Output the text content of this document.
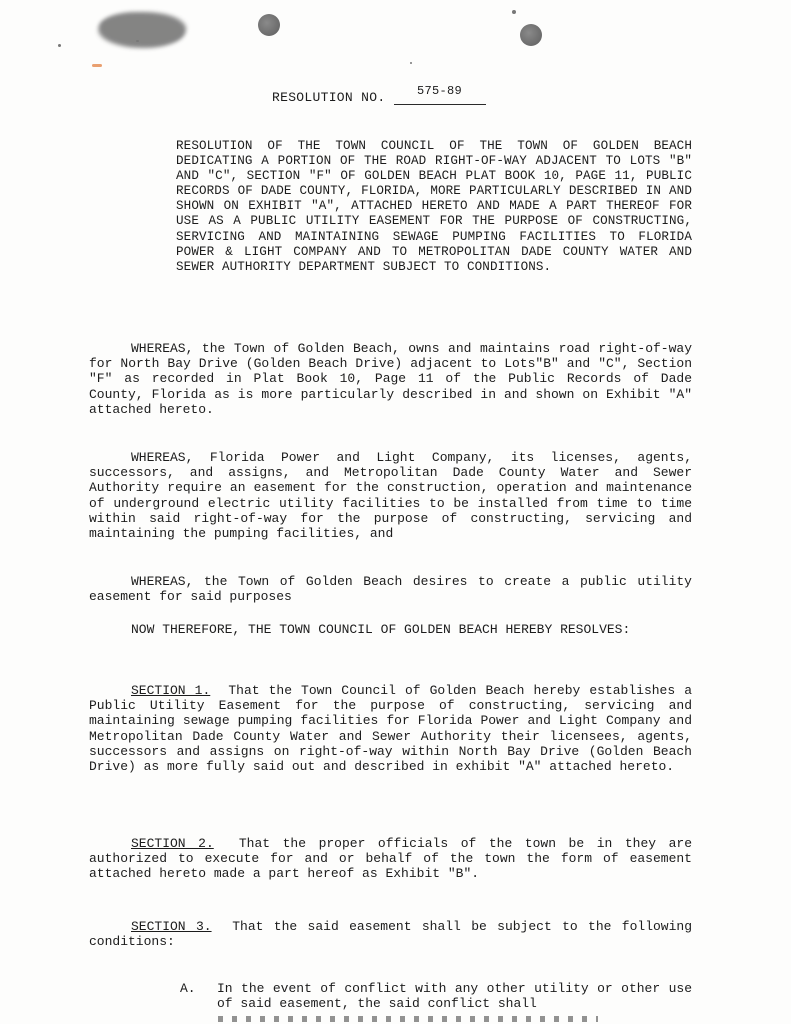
RESOLUTION NO.	575-89
RESOLUTION OF THE TOWN COUNCIL OF THE TOWN OF GOLDEN BEACH DEDICATING A PORTION OF THE ROAD RIGHT-OF-WAY ADJACENT TO LOTS "B" AND "C", SECTION "F" OF GOLDEN BEACH PLAT BOOK 10, PAGE 11, PUBLIC RECORDS OF DADE COUNTY, FLORIDA, MORE PARTICULARLY DESCRIBED IN AND SHOWN ON EXHIBIT "A", ATTACHED HERETO AND MADE A PART THEREOF FOR USE AS A PUBLIC UTILITY EASEMENT FOR THE PURPOSE OF CONSTRUCTING, SERVICING AND MAINTAINING SEWAGE PUMPING FACILITIES TO FLORIDA POWER & LIGHT COMPANY AND TO METROPOLITAN DADE COUNTY WATER AND SEWER AUTHORITY DEPARTMENT SUBJECT TO CONDITIONS.
WHEREAS, the Town of Golden Beach, owns and maintains road right-of-way for North Bay Drive (Golden Beach Drive) adjacent to Lots"B" and "C", Section "F" as recorded in Plat Book 10, Page 11 of the Public Records of Dade County, Florida as is more particularly described in and shown on Exhibit "A" attached hereto.
WHEREAS, Florida Power and Light Company, its licenses, agents, successors, and assigns, and Metropolitan Dade County Water and Sewer Authority require an easement for the construction, operation and maintenance of underground electric utility facilities to be installed from time to time within said right-of-way for the purpose of constructing, servicing and maintaining the pumping facilities, and
WHEREAS, the Town of Golden Beach desires to create a public utility easement for said purposes
NOW THEREFORE, THE TOWN COUNCIL OF GOLDEN BEACH HEREBY RESOLVES:
SECTION 1. That the Town Council of Golden Beach hereby establishes a Public Utility Easement for the purpose of constructing, servicing and maintaining sewage pumping facilities for Florida Power and Light Company and Metropolitan Dade County Water and Sewer Authority their licensees, agents, successors and assigns on right-of-way within North Bay Drive (Golden Beach Drive) as more fully said out and described in exhibit "A" attached hereto.
SECTION 2. That the proper officials of the town be in they are authorized to execute for and or behalf of the town the form of easement attached hereto made a part hereof as Exhibit "B".
SECTION 3. That the said easement shall be subject to the following conditions:
A. In the event of conflict with any other utility or other use of said easement, the said conflict shall
